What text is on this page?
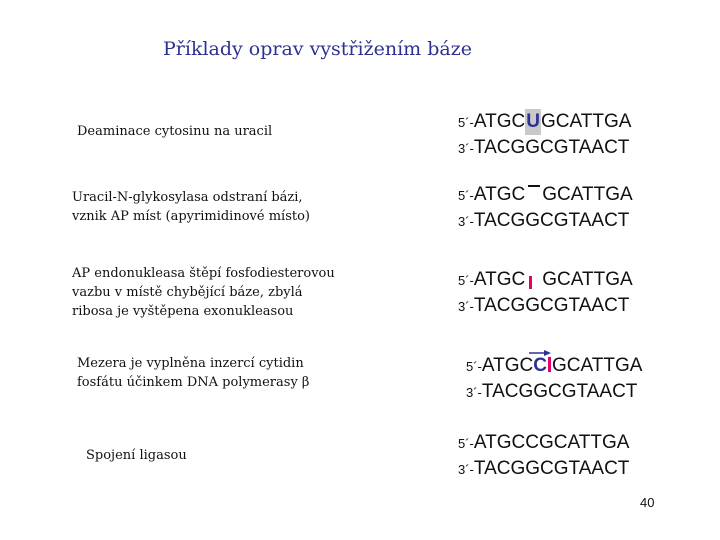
Příklady oprav vystřižením báze
Deaminace cytosinu na uracil
5´-ATGCUGCATTGA
3´-TACGGCGTAACT
Uracil-N-glykosylasa odstraní bázi,
vznik AP míst (apyrimidinové místo)
5´-ATGC GCATTGA
3´-TACGGCGTAACT
AP endonukleasa štěpí fosfodiesterovou
vazbu v místě chybějící báze, zbylá
ribosa je vyštěpena exonukleasou
5´-ATGC GCATTGA
3´-TACGGCGTAACT
Mezera je vyplněna inzercí cytidin
fosfátu účinkem DNA polymerasy β
5´-ATGC
C GCATTGA
3´-TACGGCGTAACT
Spojení ligasou
5´-ATGCCGCATTGA
3´-TACGGCGTAACT
40
